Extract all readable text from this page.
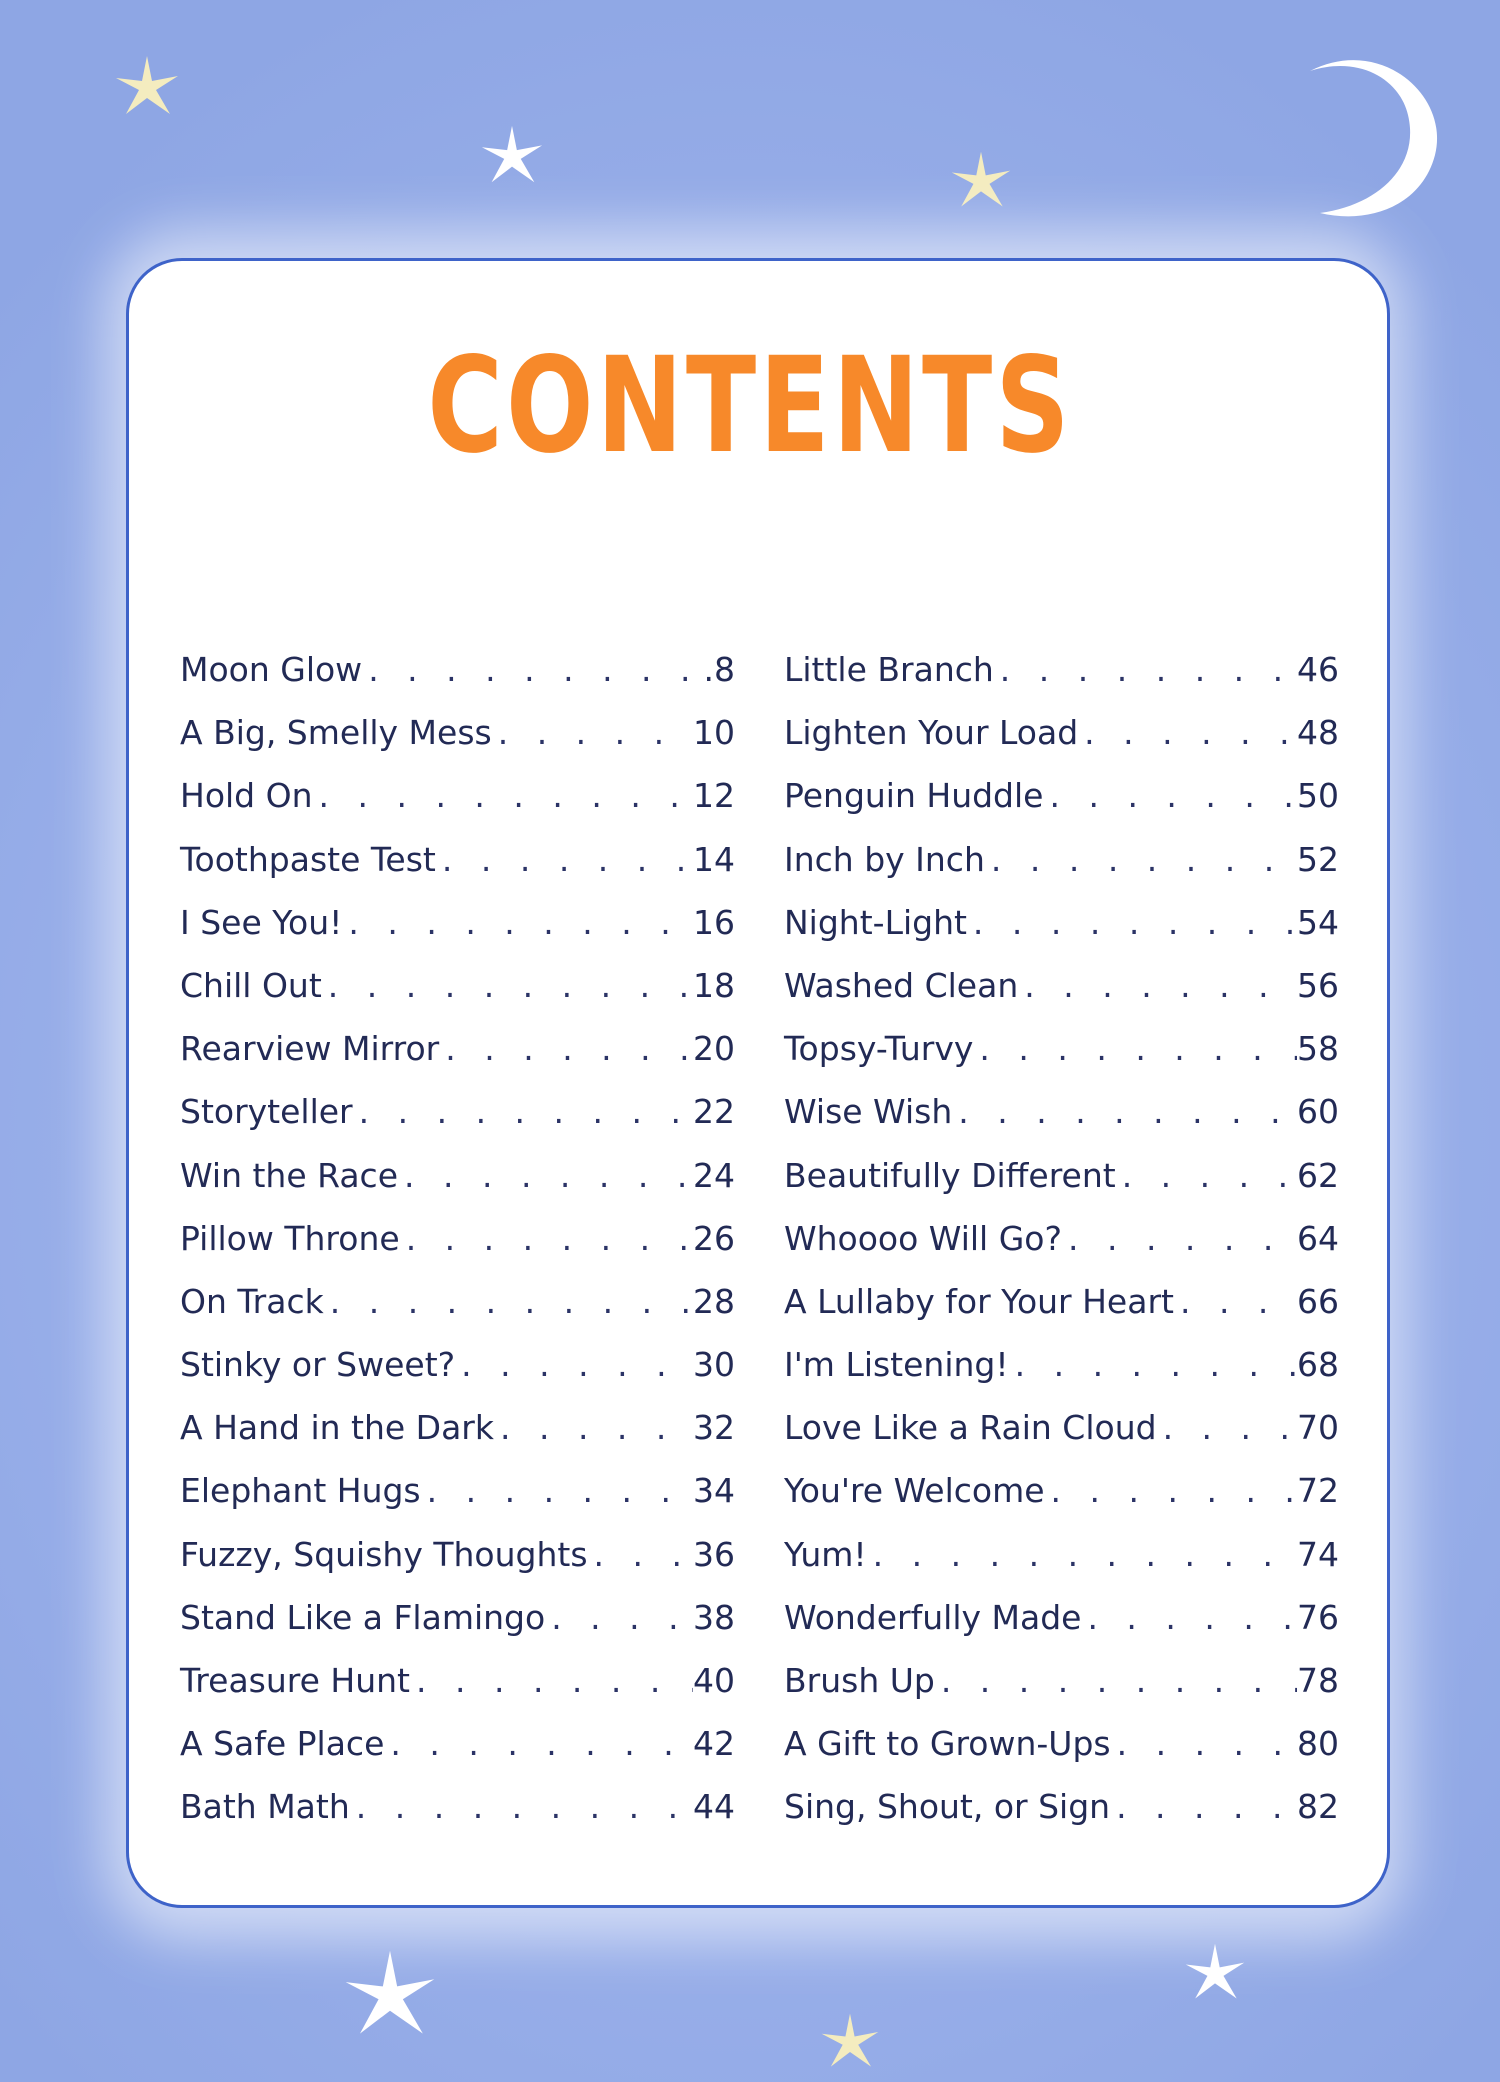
CONTENTS
Moon Glow . . .	.8
A Big, Smelly Mess . . .	10
Hold On . . .	12
Toothpaste Test . . .	14
I See You! . . .	16
Chill Out . . .	18
Rearview Mirror . . .	20
Storyteller . . .	22
Win the Race . . .	24
Pillow Throne . . .	26
On Track . . .	28
Stinky or Sweet? . . .	30
A Hand in the Dark . . .	32
Elephant Hugs . . .	34
Fuzzy, Squishy Thoughts . . .	36
Stand Like a Flamingo . . .	38
Treasure Hunt . . .	40
A Safe Place . . .	42
Bath Math . . .	44
Little Branch . . .	46
Lighten Your Load . . .	48
Penguin Huddle . . .	50
Inch by Inch . . .	52
Night-Light . . .	54
Washed Clean . . .	56
Topsy-Turvy . . .	58
Wise Wish . . .	60
Beautifully Different . . .	62
Whoooo Will Go? . . .	64
A Lullaby for Your Heart . . .	66
I'm Listening! . . .	68
Love Like a Rain Cloud . . .	70
You're Welcome . . .	72
Yum! . . .	74
Wonderfully Made . . .	76
Brush Up . . .	78
A Gift to Grown-Ups . . .	80
Sing, Shout, or Sign . . .	82
